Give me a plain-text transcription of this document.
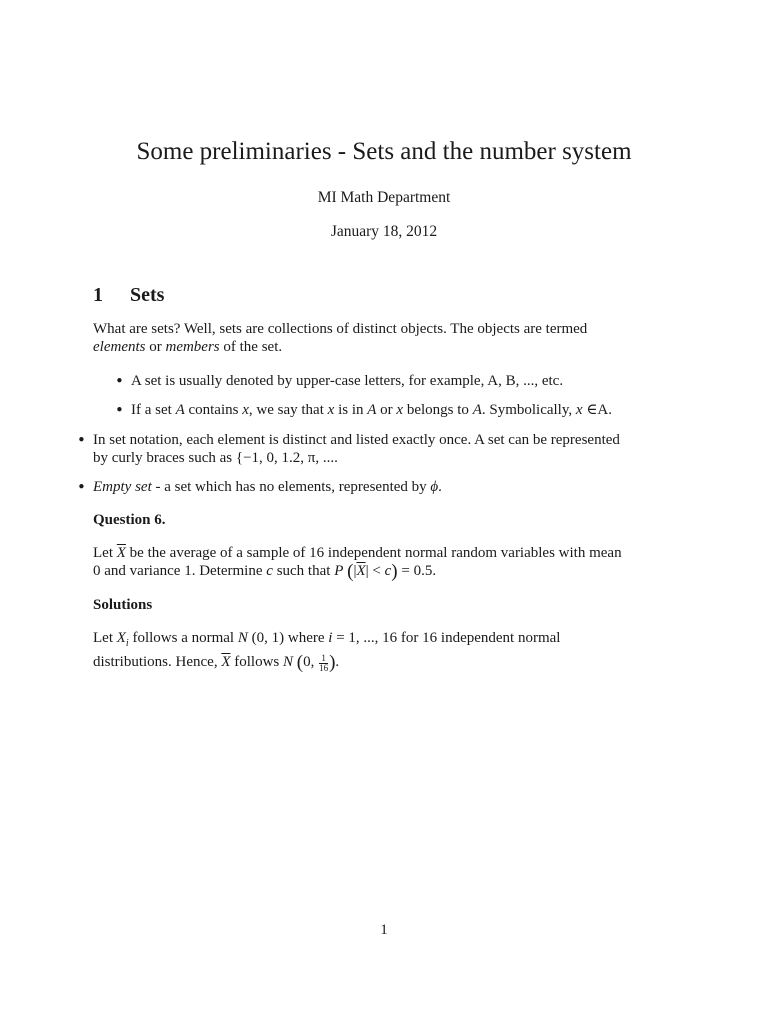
Some preliminaries - Sets and the number system
MI Math Department
January 18, 2012
1 Sets
What are sets? Well, sets are collections of distinct objects. The objects are termed
elements or members of the set.
• A set is usually denoted by upper-case letters, for example, A, B, ..., etc.
• If a set A contains x, we say that x is in A or x belongs to A. Symbolically, x ∈A.
• In set notation, each element is distinct and listed exactly once. A set can be represented
by curly braces such as {−1, 0, 1.2, π, ....
• Empty set - a set which has no elements, represented by ϕ.
Question 6.
Let $\overline{X}$ be the average of a sample of 16 independent normal random variables with mean
0 and variance 1. Determine c such that P $(|\overline{X}| < c) = 0.5$.
Solutions
Let $X_i$ follows a normal N (0, 1) where i = 1, ..., 16 for 16 independent normal
distributions. Hence, $\overline{X}$ follows N (0, $\frac{1}{16}$ ).
1
